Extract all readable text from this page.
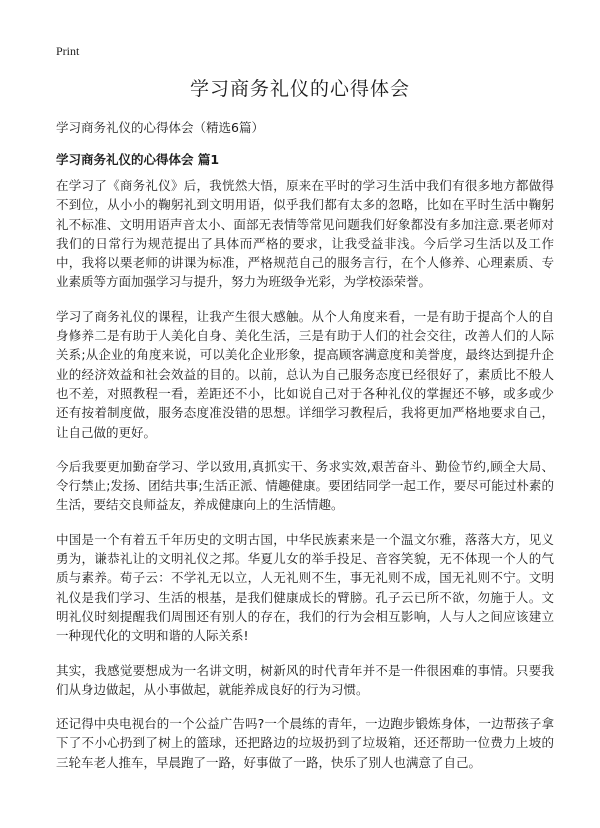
Print
学习商务礼仪的心得体会

学习商务礼仪的心得体会（精选6篇）

学习商务礼仪的心得体会 篇1

在学习了《商务礼仪》后，我恍然大悟，原来在平时的学习生活中我们有很多地方都做得不到位，从小小的鞠躬礼到文明用语，似乎我们都有太多的忽略，比如在平时生活中鞠躬礼不标准、文明用语声音太小、面部无表情等常见问题我们好象都没有多加注意.栗老师对我们的日常行为规范提出了具体而严格的要求，让我受益非浅。今后学习生活以及工作中，我将以栗老师的讲课为标准，严格规范自己的服务言行，在个人修养、心理素质、专业素质等方面加强学习与提升，努力为班级争光彩，为学校添荣誉。

学习了商务礼仪的课程，让我产生很大感触。从个人角度来看，一是有助于提高个人的自身修养二是有助于人美化自身、美化生活，三是有助于人们的社会交往，改善人们的人际关系;从企业的角度来说，可以美化企业形象，提高顾客满意度和美誉度，最终达到提升企业的经济效益和社会效益的目的。以前，总认为自己服务态度已经很好了，素质比不般人也不差，对照教程一看，差距还不小，比如说自己对于各种礼仪的掌握还不够，或多或少还有按着制度做，服务态度准没错的思想。详细学习教程后，我将更加严格地要求自己，让自己做的更好。

今后我要更加勤奋学习、学以致用,真抓实干、务求实效,艰苦奋斗、勤俭节约,顾全大局、令行禁止;发扬、团结共事;生活正派、情趣健康。要团结同学一起工作，要尽可能过朴素的生活，要结交良师益友，养成健康向上的生活情趣。

中国是一个有着五千年历史的文明古国，中华民族素来是一个温文尔雅，落落大方，见义勇为，谦恭礼让的文明礼仪之邦。华夏儿女的举手投足、音容笑貌，无不体现一个人的气质与素养。荀子云：不学礼无以立，人无礼则不生，事无礼则不成，国无礼则不宁。文明礼仪是我们学习、生活的根基，是我们健康成长的臂膀。孔子云已所不欲，勿施于人。文明礼仪时刻提醒我们周围还有别人的存在，我们的行为会相互影响，人与人之间应该建立一种现代化的文明和谐的人际关系!

其实，我感觉要想成为一名讲文明，树新风的时代青年并不是一件很困难的事情。只要我们从身边做起，从小事做起，就能养成良好的行为习惯。

还记得中央电视台的一个公益广告吗?一个晨练的青年，一边跑步锻炼身体，一边帮孩子拿下了不小心扔到了树上的篮球，还把路边的垃圾扔到了垃圾箱，还还帮助一位费力上坡的三轮车老人推车，早晨跑了一路，好事做了一路，快乐了别人也满意了自己。
